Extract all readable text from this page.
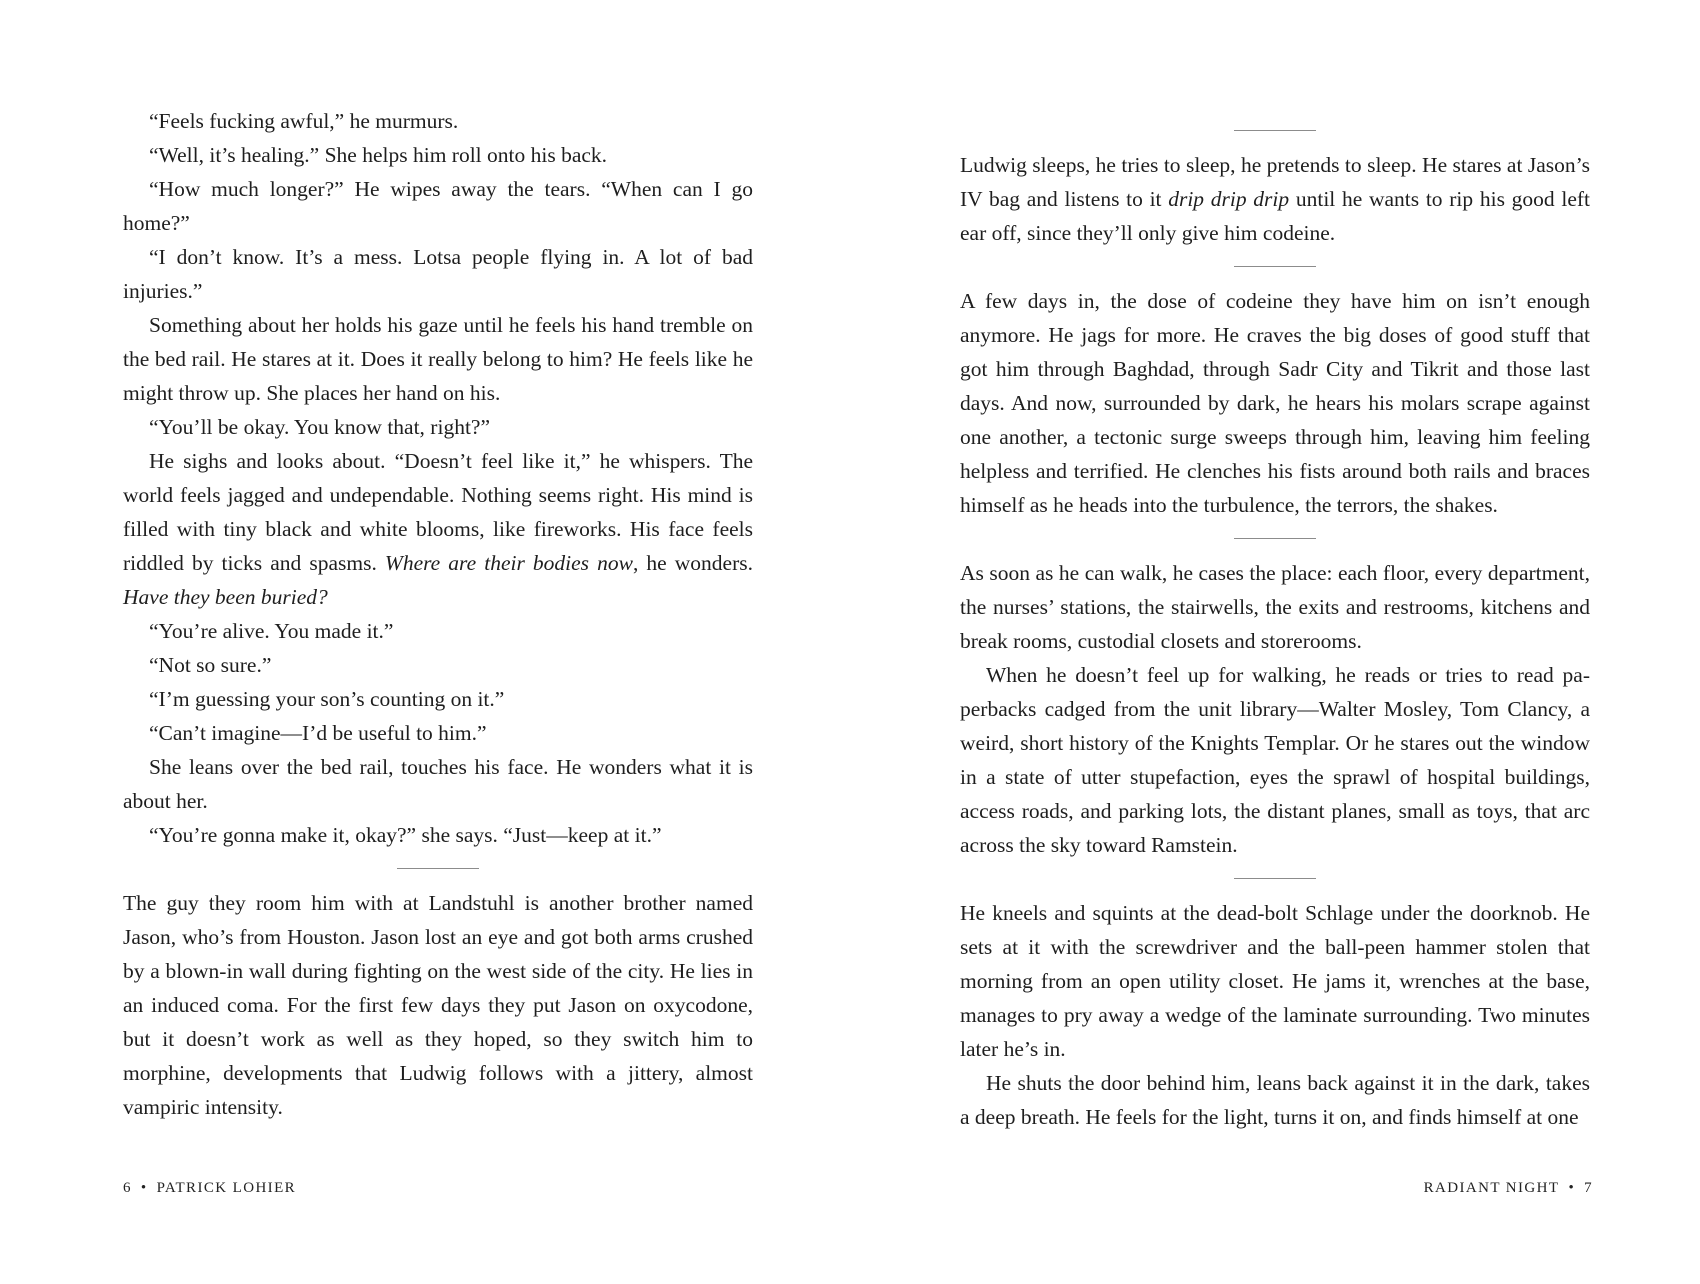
“Feels fucking awful,” he murmurs.

“Well, it’s healing.” She helps him roll onto his back.

“How much longer?” He wipes away the tears. “When can I go home?”

“I don’t know. It’s a mess. Lotsa people flying in. A lot of bad injuries.”

Something about her holds his gaze until he feels his hand tremble on the bed rail. He stares at it. Does it really belong to him? He feels like he might throw up. She places her hand on his.

“You’ll be okay. You know that, right?”

He sighs and looks about. “Doesn’t feel like it,” he whispers. The world feels jagged and undependable. Nothing seems right. His mind is filled with tiny black and white blooms, like fireworks. His face feels riddled by ticks and spasms. Where are their bodies now, he wonders. Have they been buried?

“You’re alive. You made it.”

“Not so sure.”

“I’m guessing your son’s counting on it.”

“Can’t imagine—I’d be useful to him.”

She leans over the bed rail, touches his face. He wonders what it is about her.

“You’re gonna make it, okay?” she says. “Just—keep at it.”

The guy they room him with at Landstuhl is another brother named Jason, who’s from Houston. Jason lost an eye and got both arms crushed by a blown-in wall during fighting on the west side of the city. He lies in an induced coma. For the first few days they put Jason on oxycodone, but it doesn’t work as well as they hoped, so they switch him to morphine, developments that Ludwig follows with a jittery, almost vampiric intensity.

Ludwig sleeps, he tries to sleep, he pretends to sleep. He stares at Jason’s IV bag and listens to it drip drip drip until he wants to rip his good left ear off, since they’ll only give him codeine.

A few days in, the dose of codeine they have him on isn’t enough anymore. He jags for more. He craves the big doses of good stuff that got him through Baghdad, through Sadr City and Tikrit and those last days. And now, surrounded by dark, he hears his molars scrape against one another, a tectonic surge sweeps through him, leaving him feeling helpless and terrified. He clenches his fists around both rails and braces himself as he heads into the turbulence, the terrors, the shakes.

As soon as he can walk, he cases the place: each floor, every department, the nurses’ stations, the stairwells, the exits and restrooms, kitchens and break rooms, custodial closets and storerooms.

When he doesn’t feel up for walking, he reads or tries to read paperbacks cadged from the unit library—Walter Mosley, Tom Clancy, a weird, short history of the Knights Templar. Or he stares out the window in a state of utter stupefaction, eyes the sprawl of hospital buildings, access roads, and parking lots, the distant planes, small as toys, that arc across the sky toward Ramstein.

He kneels and squints at the dead-bolt Schlage under the doorknob. He sets at it with the screwdriver and the ball-peen hammer stolen that morning from an open utility closet. He jams it, wrenches at the base, manages to pry away a wedge of the laminate surrounding. Two minutes later he’s in.

He shuts the door behind him, leans back against it in the dark, takes a deep breath. He feels for the light, turns it on, and finds himself at one

6 • PATRICK LOHIER	RADIANT NIGHT • 7
